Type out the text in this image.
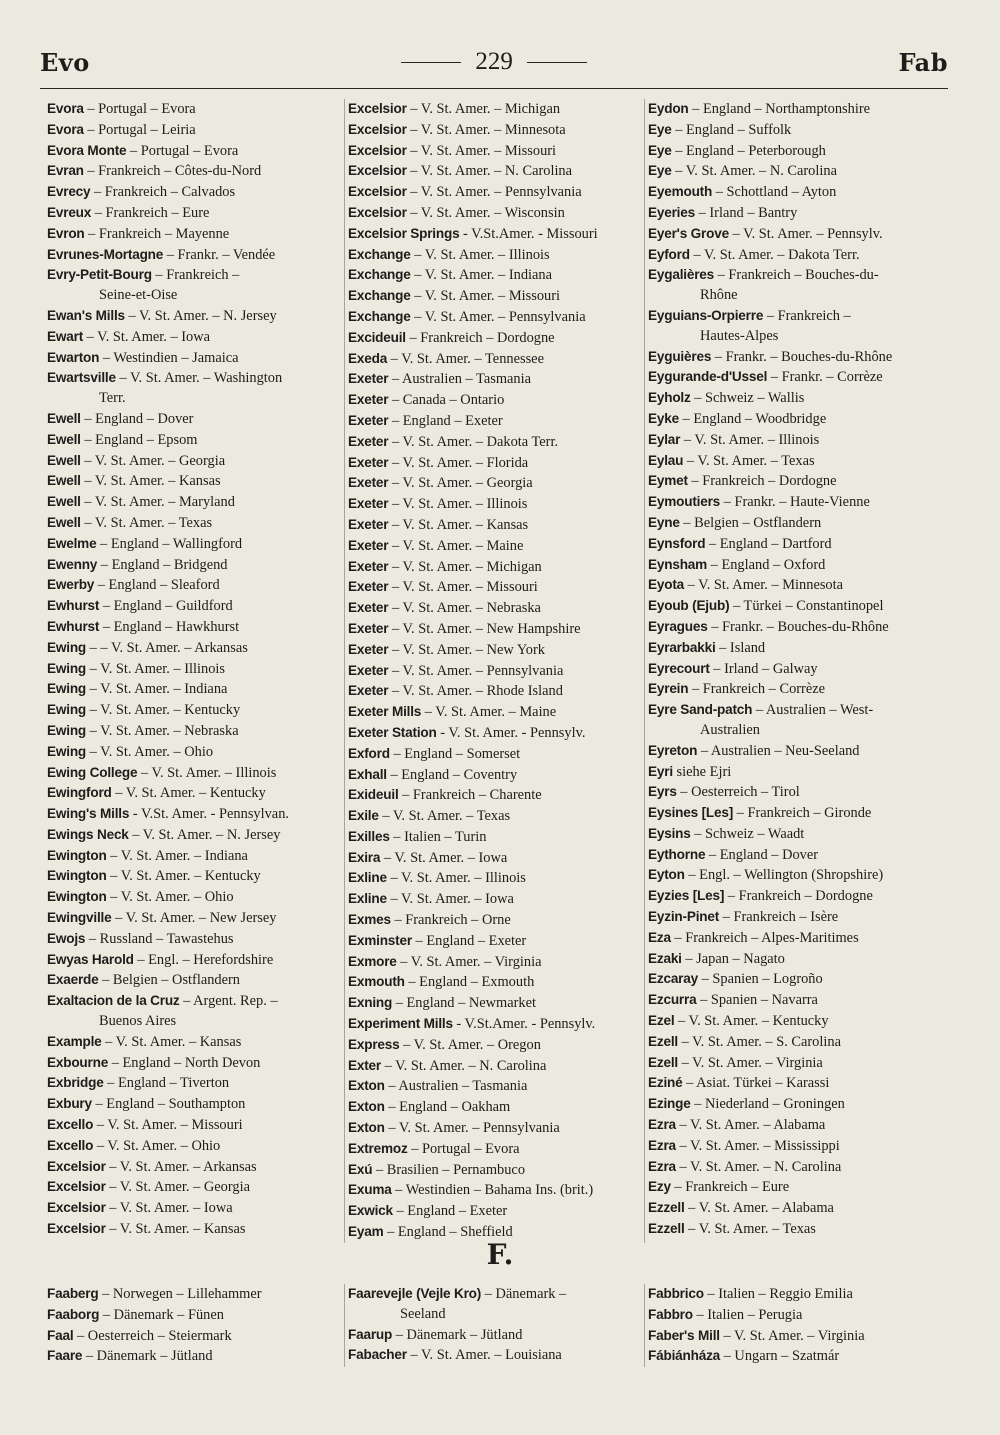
Evo	229	Fab
Evora – Portugal – Evora
Evora – Portugal – Leiria
Evora Monte – Portugal – Evora
Evran – Frankreich – Côtes-du-Nord
Evrecy – Frankreich – Calvados
Evreux – Frankreich – Eure
Evron – Frankreich – Mayenne
Evrunes-Mortagne – Frankr. – Vendée
Evry-Petit-Bourg – Frankreich –
Seine-et-Oise
Ewan's Mills – V. St. Amer. – N. Jersey
Ewart – V. St. Amer. – Iowa
Ewarton – Westindien – Jamaica
Ewartsville – V. St. Amer. – Washington
Terr.
Ewell – England – Dover
Ewell – England – Epsom
Ewell – V. St. Amer. – Georgia
Ewell – V. St. Amer. – Kansas
Ewell – V. St. Amer. – Maryland
Ewell – V. St. Amer. – Texas
Ewelme – England – Wallingford
Ewenny – England – Bridgend
Ewerby – England – Sleaford
Ewhurst – England – Guildford
Ewhurst – England – Hawkhurst
Ewing – – V. St. Amer. – Arkansas
Ewing – V. St. Amer. – Illinois
Ewing – V. St. Amer. – Indiana
Ewing – V. St. Amer. – Kentucky
Ewing – V. St. Amer. – Nebraska
Ewing – V. St. Amer. – Ohio
Ewing College – V. St. Amer. – Illinois
Ewingford – V. St. Amer. – Kentucky
Ewing's Mills - V.St. Amer. - Pennsylvan.
Ewings Neck – V. St. Amer. – N. Jersey
Ewington – V. St. Amer. – Indiana
Ewington – V. St. Amer. – Kentucky
Ewington – V. St. Amer. – Ohio
Ewingville – V. St. Amer. – New Jersey
Ewojs – Russland – Tawastehus
Ewyas Harold – Engl. – Herefordshire
Exaerde – Belgien – Ostflandern
Exaltacion de la Cruz – Argent. Rep. –
Buenos Aires
Example – V. St. Amer. – Kansas
Exbourne – England – North Devon
Exbridge – England – Tiverton
Exbury – England – Southampton
Excello – V. St. Amer. – Missouri
Excello – V. St. Amer. – Ohio
Excelsior – V. St. Amer. – Arkansas
Excelsior – V. St. Amer. – Georgia
Excelsior – V. St. Amer. – Iowa
Excelsior – V. St. Amer. – Kansas
Excelsior – V. St. Amer. – Michigan
Excelsior – V. St. Amer. – Minnesota
Excelsior – V. St. Amer. – Missouri
Excelsior – V. St. Amer. – N. Carolina
Excelsior – V. St. Amer. – Pennsylvania
Excelsior – V. St. Amer. – Wisconsin
Excelsior Springs - V.St.Amer. - Missouri
Exchange – V. St. Amer. – Illinois
Exchange – V. St. Amer. – Indiana
Exchange – V. St. Amer. – Missouri
Exchange – V. St. Amer. – Pennsylvania
Excideuil – Frankreich – Dordogne
Exeda – V. St. Amer. – Tennessee
Exeter – Australien – Tasmania
Exeter – Canada – Ontario
Exeter – England – Exeter
Exeter – V. St. Amer. – Dakota Terr.
Exeter – V. St. Amer. – Florida
Exeter – V. St. Amer. – Georgia
Exeter – V. St. Amer. – Illinois
Exeter – V. St. Amer. – Kansas
Exeter – V. St. Amer. – Maine
Exeter – V. St. Amer. – Michigan
Exeter – V. St. Amer. – Missouri
Exeter – V. St. Amer. – Nebraska
Exeter – V. St. Amer. – New Hampshire
Exeter – V. St. Amer. – New York
Exeter – V. St. Amer. – Pennsylvania
Exeter – V. St. Amer. – Rhode Island
Exeter Mills – V. St. Amer. – Maine
Exeter Station - V. St. Amer. - Pennsylv.
Exford – England – Somerset
Exhall – England – Coventry
Exideuil – Frankreich – Charente
Exile – V. St. Amer. – Texas
Exilles – Italien – Turin
Exira – V. St. Amer. – Iowa
Exline – V. St. Amer. – Illinois
Exline – V. St. Amer. – Iowa
Exmes – Frankreich – Orne
Exminster – England – Exeter
Exmore – V. St. Amer. – Virginia
Exmouth – England – Exmouth
Exning – England – Newmarket
Experiment Mills - V.St.Amer. - Pennsylv.
Express – V. St. Amer. – Oregon
Exter – V. St. Amer. – N. Carolina
Exton – Australien – Tasmania
Exton – England – Oakham
Exton – V. St. Amer. – Pennsylvania
Extremoz – Portugal – Evora
Exú – Brasilien – Pernambuco
Exuma – Westindien – Bahama Ins. (brit.)
Exwick – England – Exeter
Eyam – England – Sheffield
Eydon – England – Northamptonshire
Eye – England – Suffolk
Eye – England – Peterborough
Eye – V. St. Amer. – N. Carolina
Eyemouth – Schottland – Ayton
Eyeries – Irland – Bantry
Eyer's Grove – V. St. Amer. – Pennsylv.
Eyford – V. St. Amer. – Dakota Terr.
Eygalières – Frankreich – Bouches-du-
Rhône
Eyguians-Orpierre – Frankreich –
Hautes-Alpes
Eyguières – Frankr. – Bouches-du-Rhône
Eygurande-d'Ussel – Frankr. – Corrèze
Eyholz – Schweiz – Wallis
Eyke – England – Woodbridge
Eylar – V. St. Amer. – Illinois
Eylau – V. St. Amer. – Texas
Eymet – Frankreich – Dordogne
Eymoutiers – Frankr. – Haute-Vienne
Eyne – Belgien – Ostflandern
Eynsford – England – Dartford
Eynsham – England – Oxford
Eyota – V. St. Amer. – Minnesota
Eyoub (Ejub) – Türkei – Constantinopel
Eyragues – Frankr. – Bouches-du-Rhône
Eyrarbakki – Island
Eyrecourt – Irland – Galway
Eyrein – Frankreich – Corrèze
Eyre Sand-patch – Australien – West-
Australien
Eyreton – Australien – Neu-Seeland
Eyri siehe Ejri
Eyrs – Oesterreich – Tirol
Eysines [Les] – Frankreich – Gironde
Eysins – Schweiz – Waadt
Eythorne – England – Dover
Eyton – Engl. – Wellington (Shropshire)
Eyzies [Les] – Frankreich – Dordogne
Eyzin-Pinet – Frankreich – Isère
Eza – Frankreich – Alpes-Maritimes
Ezaki – Japan – Nagato
Ezcaray – Spanien – Logroño
Ezcurra – Spanien – Navarra
Ezel – V. St. Amer. – Kentucky
Ezell – V. St. Amer. – S. Carolina
Ezell – V. St. Amer. – Virginia
Eziné – Asiat. Türkei – Karassi
Ezinge – Niederland – Groningen
Ezra – V. St. Amer. – Alabama
Ezra – V. St. Amer. – Mississippi
Ezra – V. St. Amer. – N. Carolina
Ezy – Frankreich – Eure
Ezzell – V. St. Amer. – Alabama
Ezzell – V. St. Amer. – Texas
F.
Faaberg – Norwegen – Lillehammer
Faaborg – Dänemark – Fünen
Faal – Oesterreich – Steiermark
Faare – Dänemark – Jütland
Faarevejle (Vejle Kro) – Dänemark –
Seeland
Faarup – Dänemark – Jütland
Fabacher – V. St. Amer. – Louisiana
Fabbrico – Italien – Reggio Emilia
Fabbro – Italien – Perugia
Faber's Mill – V. St. Amer. – Virginia
Fábiánháza – Ungarn – Szatmár
